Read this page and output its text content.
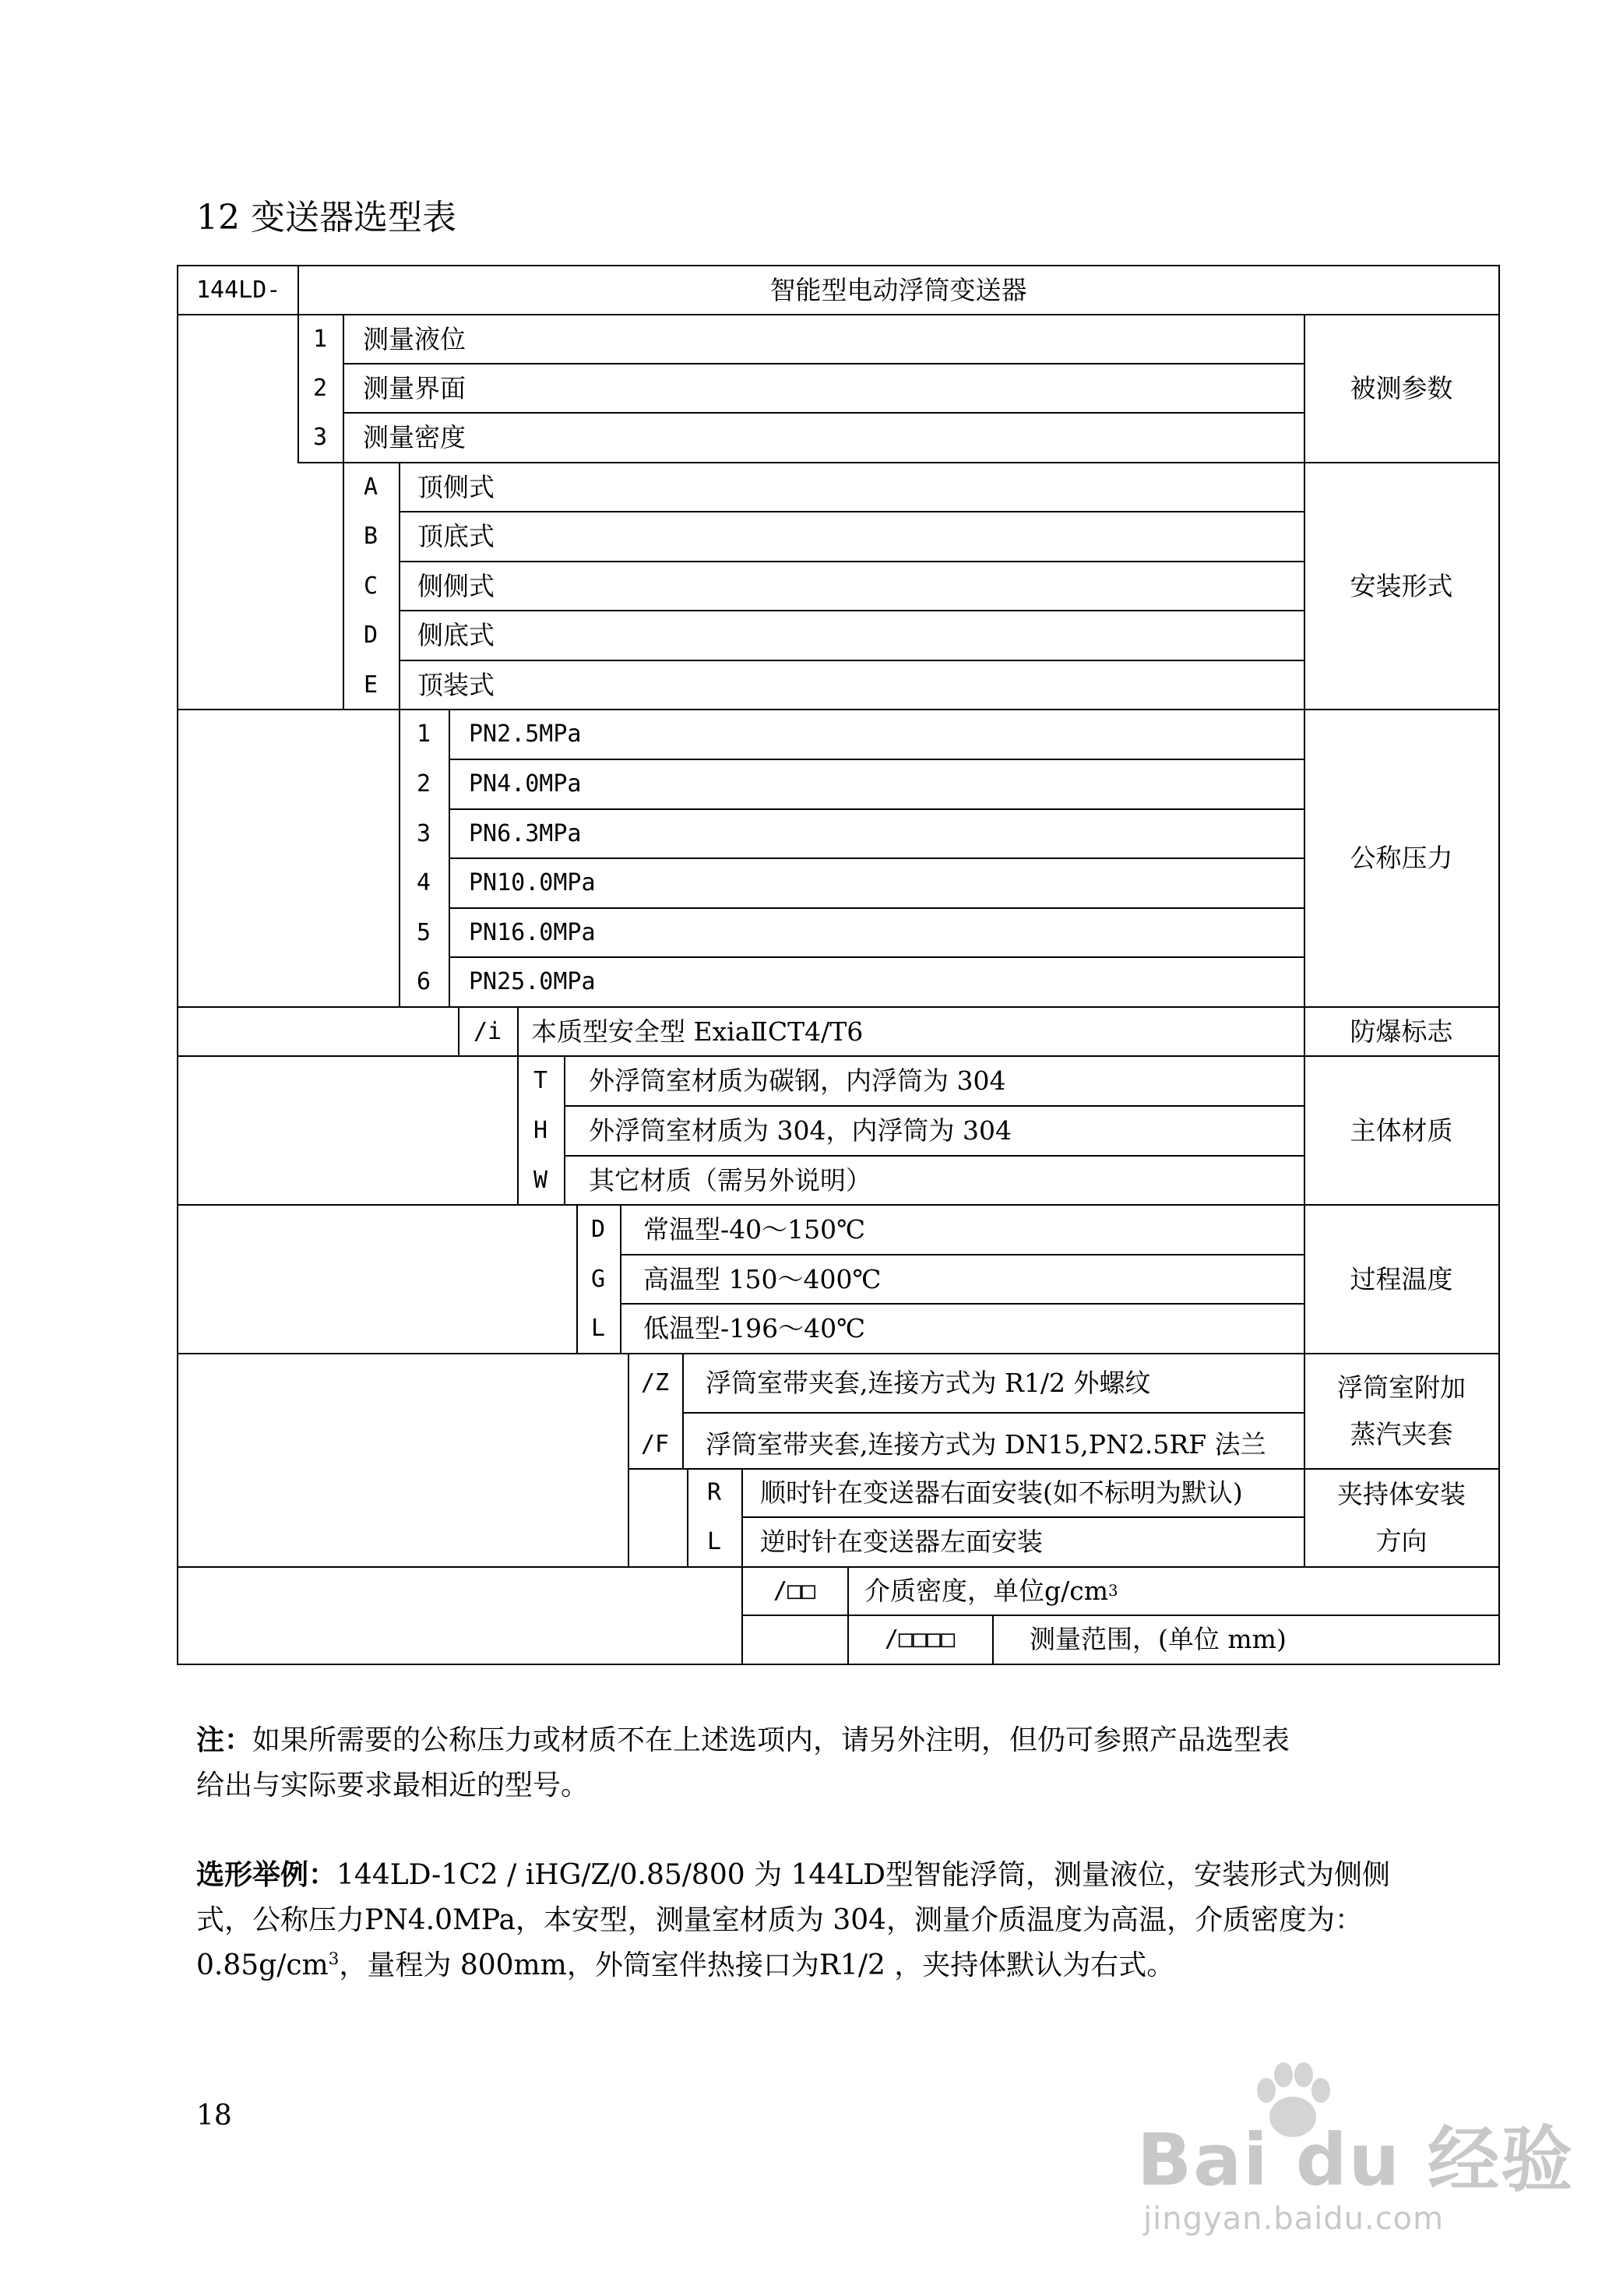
12 变送器选型表
144LD-	智能型电动浮筒变送器
1	测量液位
2	测量界面
3	测量密度
被测参数
A	顶侧式
B	顶底式
C	侧侧式
D	侧底式
E	顶装式
安装形式
1	PN2.5MPa
2	PN4.0MPa
3	PN6.3MPa
4	PN10.0MPa
5	PN16.0MPa
6	PN25.0MPa
公称压力
/i	本质型安全型 ExiaⅡCT4/T6	防爆标志
T	外浮筒室材质为碳钢，内浮筒为 304
H	外浮筒室材质为 304，内浮筒为 304
W	其它材质（需另外说明）
主体材质
D	常温型-40～150℃
G	高温型 150～400℃
L	低温型-196～40℃
过程温度
/Z	浮筒室带夹套,连接方式为 R1/2 外螺纹
/F	浮筒室带夹套,连接方式为 DN15,PN2.5RF 法兰
浮筒室附加
蒸汽夹套
R	顺时针在变送器右面安装(如不标明为默认)
L	逆时针在变送器左面安装
夹持体安装
方向
/□□	介质密度，单位g/cm 3
/□□□□	测量范围，(单位 mm)
注：如果所需要的公称压力或材质不在上述选项内，请另外注明，但仍可参照产品选型表
给出与实际要求最相近的型号。
选形举例：144LD-1C2 / iHG/Z/0.85/800 为 144LD型智能浮筒，测量液位，安装形式为侧侧
式，公称压力PN4.0MPa，本安型，测量室材质为 304，测量介质温度为高温，介质密度为：
$0.85g/cm^3$，量程为 800mm，外筒室伴热接口为R1/2 ，夹持体默认为右式。
18
Bai du 经验
jingyan.baidu.com
